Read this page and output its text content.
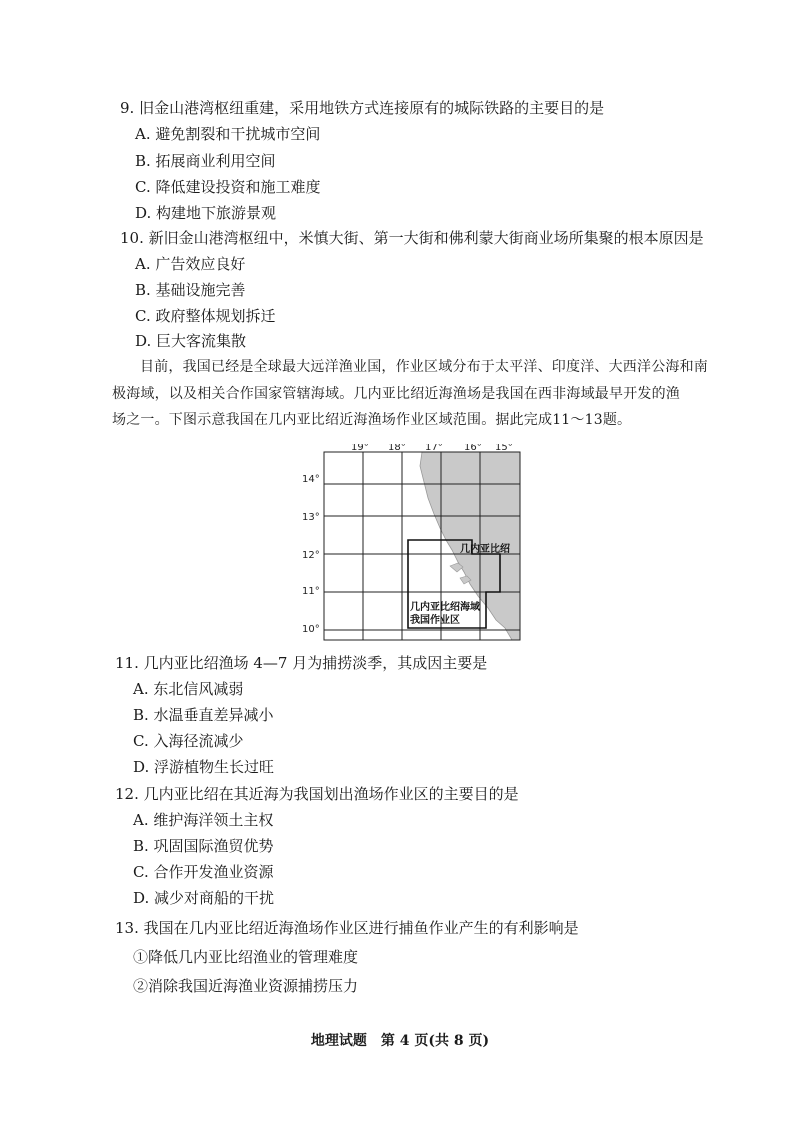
9. 旧金山港湾枢纽重建，采用地铁方式连接原有的城际铁路的主要目的是
A. 避免割裂和干扰城市空间
B. 拓展商业利用空间
C. 降低建设投资和施工难度
D. 构建地下旅游景观
10. 新旧金山港湾枢纽中，米慎大街、第一大街和佛利蒙大街商业场所集聚的根本原因是
A. 广告效应良好
B. 基础设施完善
C. 政府整体规划拆迁
D. 巨大客流集散
目前，我国已经是全球最大远洋渔业国，作业区域分布于太平洋、印度洋、大西洋公海和南
极海域，以及相关合作国家管辖海域。几内亚比绍近海渔场是我国在西非海域最早开发的渔
场之一。下图示意我国在几内亚比绍近海渔场作业区域范围。据此完成11～13题。
19° 18° 17° 16° 15°
14°
13°
12°
11°
10°
几内亚比绍
几内亚比绍海域
我国作业区
11. 几内亚比绍渔场 4—7 月为捕捞淡季，其成因主要是
A. 东北信风减弱
B. 水温垂直差异减小
C. 入海径流减少
D. 浮游植物生长过旺
12. 几内亚比绍在其近海为我国划出渔场作业区的主要目的是
A. 维护海洋领土主权
B. 巩固国际渔贸优势
C. 合作开发渔业资源
D. 减少对商船的干扰
13. 我国在几内亚比绍近海渔场作业区进行捕鱼作业产生的有利影响是
①降低几内亚比绍渔业的管理难度
②消除我国近海渔业资源捕捞压力
地理试题　第 4 页(共 8 页)
